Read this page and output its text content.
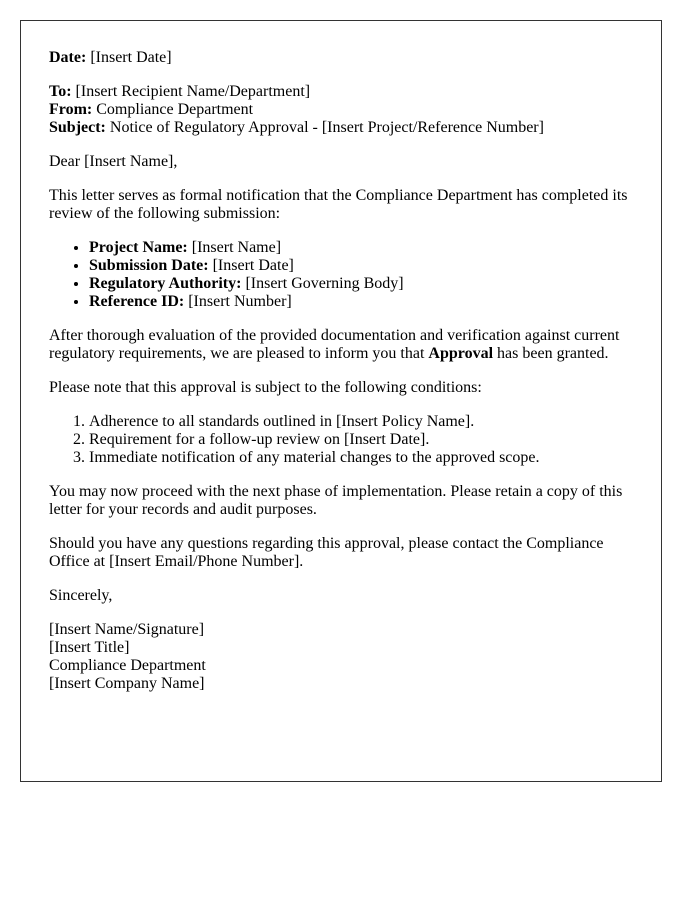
Date: [Insert Date]

To: [Insert Recipient Name/Department]
From: Compliance Department
Subject: Notice of Regulatory Approval - [Insert Project/Reference Number]

Dear [Insert Name],

This letter serves as formal notification that the Compliance Department has completed its review of the following submission:

• Project Name: [Insert Name]
• Submission Date: [Insert Date]
• Regulatory Authority: [Insert Governing Body]
• Reference ID: [Insert Number]

After thorough evaluation of the provided documentation and verification against current regulatory requirements, we are pleased to inform you that Approval has been granted.

Please note that this approval is subject to the following conditions:

1. Adherence to all standards outlined in [Insert Policy Name].
2. Requirement for a follow-up review on [Insert Date].
3. Immediate notification of any material changes to the approved scope.

You may now proceed with the next phase of implementation. Please retain a copy of this letter for your records and audit purposes.

Should you have any questions regarding this approval, please contact the Compliance Office at [Insert Email/Phone Number].

Sincerely,

[Insert Name/Signature]
[Insert Title]
Compliance Department
[Insert Company Name]
